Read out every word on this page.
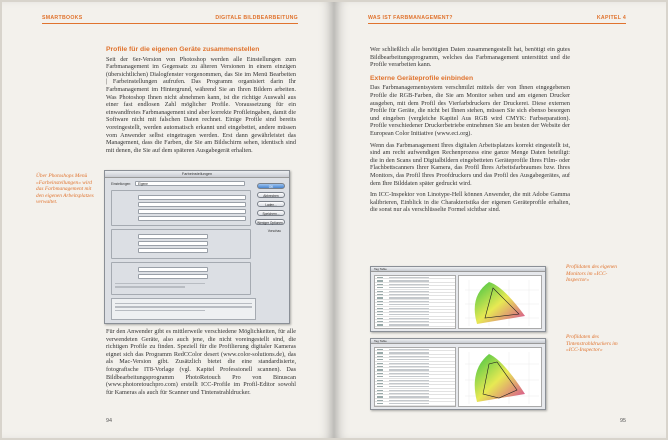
SMARTBOOKS	DIGITALE BILDBEARBEITUNG
Profile für die eigenen Geräte zusammenstellen

Seit der 6er-Version von Photoshop werden alle Einstellungen zum Farbmanagement im Gegensatz zu älteren Versionen in einem einzigen (übersichtlichen) Dialogfenster vorgenommen, das Sie im Menü Bearbeiten | Farbeinstellungen aufrufen. Das Programm organisiert darin Ihr Farbmanagement im Hintergrund, während Sie an Ihren Bildern arbeiten. Was Photoshop Ihnen nicht abnehmen kann, ist die richtige Auswahl aus einer fast endlosen Zahl möglicher Profile. Voraussetzung für ein einwandfreies Farbmanagement sind aber korrekte Profileingaben, damit die Software nicht mit falschen Daten rechnet. Einige Profile sind bereits voreingestellt, werden automatisch erkannt und eingebettet, andere müssen vom Anwender selbst eingetragen werden. Erst dann gewährleistet das Management, dass die Farben, die Sie am Bildschirm sehen, identisch sind mit denen, die Sie auf dem späteren Ausgabegerät erhalten.

Über Photoshops Menü »Farbeinstellungen« wird das Farbmanagement mit den eigenen Arbeitsplatzes verwaltet.
Farbeinstellungen
Einstellungen:	Eigene
OK
Abbrechen
Laden...
Speichern...
Weniger Optionen
Vorschau

Für den Anwender gibt es mittlerweile verschiedene Möglichkeiten, für alle verwendeten Geräte, also auch jene, die nicht voreingestellt sind, die richtigen Profile zu finden. Speziell für die Profilierung digitaler Kameras eignet sich das Programm RedCColor desert (www.color-solutions.de), das als Mac-Version gibt. Zusätzlich bietet die eine standardisierte, fotografische IT8-Vorlage (vgl. Kapitel Professionell scannen). Das Bildbearbeitungsprogramm PhotoRetouch Pro von Binuscan (www.photoretouchpro.com) erstellt ICC-Profile im Profil-Editor sowohl für Kameras als auch für Scanner und Tintenstrahldrucker.

94
WAS IST FARBMANAGEMENT?	KAPITEL 4

Wer schließlich alle benötigten Daten zusammengestellt hat, benötigt ein gutes Bildbearbeitungsprogramm, welches das Farbmanagement unterstützt und die Profile verarbeiten kann.

Externe Geräteprofile einbinden

Das Farbmanagementsystem verschmilzt mittels der von Ihnen eingegebenen Profile die RGB-Farben, die Sie am Monitor sehen und am eigenen Drucker ausgeben, mit dem Profil des Vierfarbdruckers der Druckerei. Diese externen Profile für Geräte, die nicht bei Ihnen stehen, müssen Sie sich ebenso besorgen und eingeben (vergleiche Kapitel Aus RGB wird CMYK: Farbseparation). Profile verschiedener Druckerbetriebe entnehmen Sie am besten der Website der European Color Initiative (www.eci.org).

Wenn das Farbmanagement Ihres digitalen Arbeitsplatzes korrekt eingestellt ist, sind am recht aufwendigen Rechenprozess eine ganze Menge Daten beteiligt: die in den Scans und Digitalbildern eingebetteten Geräteprofile Ihres Film- oder Flachbettscanners Ihrer Kamera, das Profil Ihres Arbeitsfarbraumes bzw. Ihres Monitors, das Profil Ihres Proofdruckers und das Profil des Ausgabegerätes, auf dem Ihre Bilddaten später gedruckt wird.

Im ICC-Inspektor von Linotype-Hell können Anwender, die mit Adobe Gamma kalibrieren, Einblick in die Charakteristika der eigenen Geräteprofile erhalten, die sonst nur als verschlüsselte Formel sichtbar sind.

Tag Table	Profildaten des eigenen Monitors im »ICC-Inspector«
Tag Table
Profildaten des Tintenstrahldruckers im »ICC-Inspector«
95
